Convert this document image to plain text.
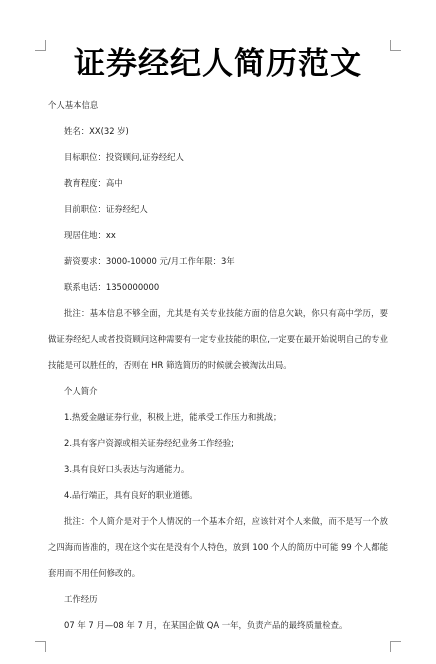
证券经纪人简历范文
个人基本信息
姓名：XX(32 岁)
目标职位：投资顾问,证券经纪人
教育程度：高中
目前职位：证券经纪人
现居住地：xx
薪资要求：3000-10000 元/月工作年限：3年
联系电话：1350000000
批注：基本信息不够全面，尤其是有关专业技能方面的信息欠缺，你只有高中学历，要做证券经纪人或者投资顾问这种需要有一定专业技能的职位,一定要在最开始说明自己的专业技能是可以胜任的，否则在 HR 筛选简历的时候就会被淘汰出局。
个人简介
1.热爱金融证券行业，积极上进，能承受工作压力和挑战；
2.具有客户资源或相关证券经纪业务工作经验;
3.具有良好口头表达与沟通能力。
4.品行端正，具有良好的职业道德。
批注：个人简介是对于个人情况的一个基本介绍，应该针对个人来做，而不是写一个放之四海而皆准的，现在这个实在是没有个人特色，放到 100 个人的简历中可能 99 个人都能套用而不用任何修改的。
工作经历
07 年 7 月—08 年 7 月，在某国企做 QA 一年，负责产品的最终质量检查。
